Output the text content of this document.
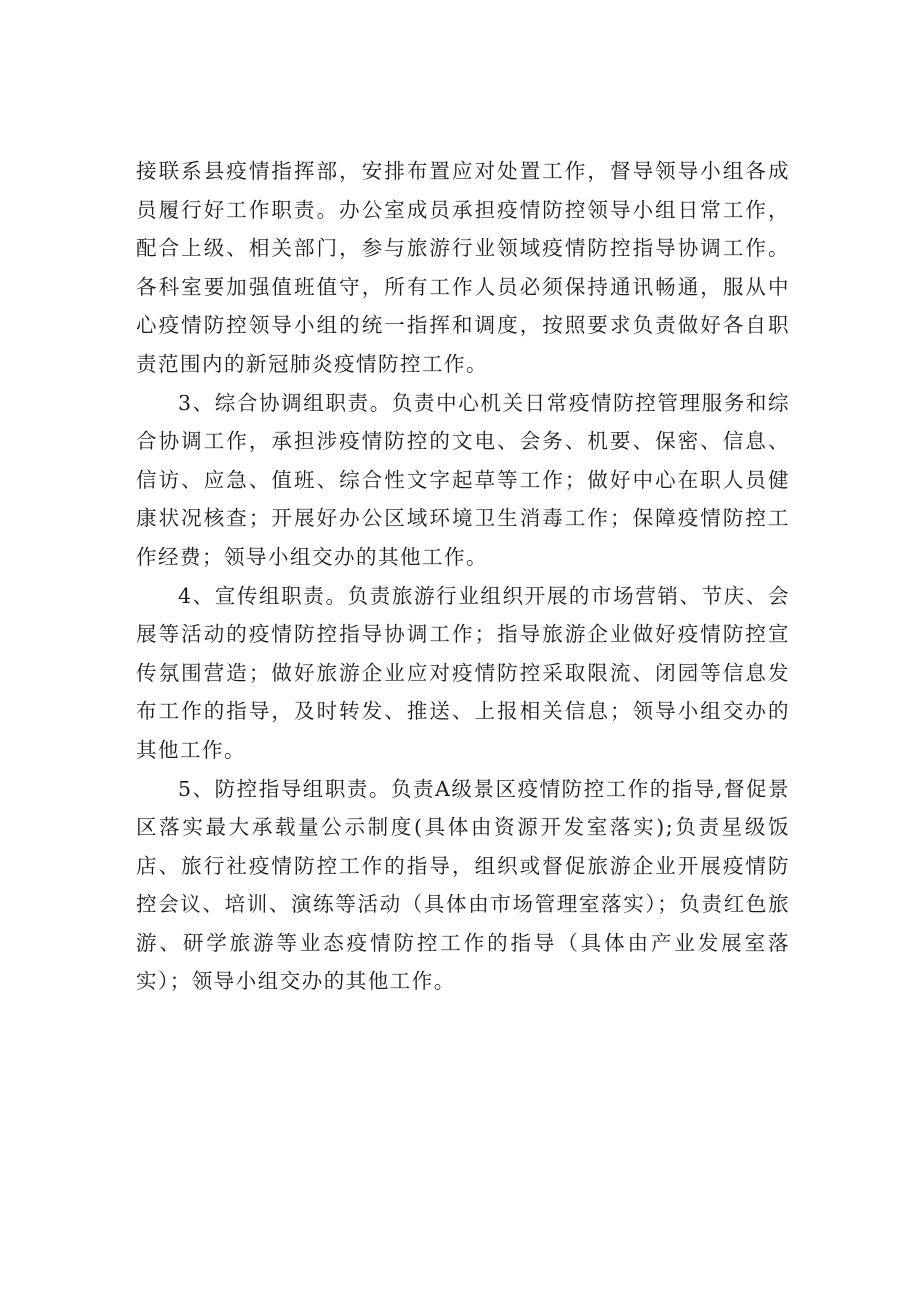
接联系县疫情指挥部，安排布置应对处置工作，督导领导小组各成员履行好工作职责。办公室成员承担疫情防控领导小组日常工作，配合上级、相关部门，参与旅游行业领域疫情防控指导协调工作。各科室要加强值班值守，所有工作人员必须保持通讯畅通，服从中心疫情防控领导小组的统一指挥和调度，按照要求负责做好各自职责范围内的新冠肺炎疫情防控工作。

3、综合协调组职责。负责中心机关日常疫情防控管理服务和综合协调工作，承担涉疫情防控的文电、会务、机要、保密、信息、信访、应急、值班、综合性文字起草等工作；做好中心在职人员健康状况核查；开展好办公区域环境卫生消毒工作；保障疫情防控工作经费；领导小组交办的其他工作。

4、宣传组职责。负责旅游行业组织开展的市场营销、节庆、会展等活动的疫情防控指导协调工作；指导旅游企业做好疫情防控宣传氛围营造；做好旅游企业应对疫情防控采取限流、闭园等信息发布工作的指导，及时转发、推送、上报相关信息；领导小组交办的其他工作。

5、防控指导组职责。负责A级景区疫情防控工作的指导,督促景区落实最大承载量公示制度(具体由资源开发室落实);负责星级饭店、旅行社疫情防控工作的指导，组织或督促旅游企业开展疫情防控会议、培训、演练等活动（具体由市场管理室落实）；负责红色旅游、研学旅游等业态疫情防控工作的指导（具体由产业发展室落实）；领导小组交办的其他工作。
